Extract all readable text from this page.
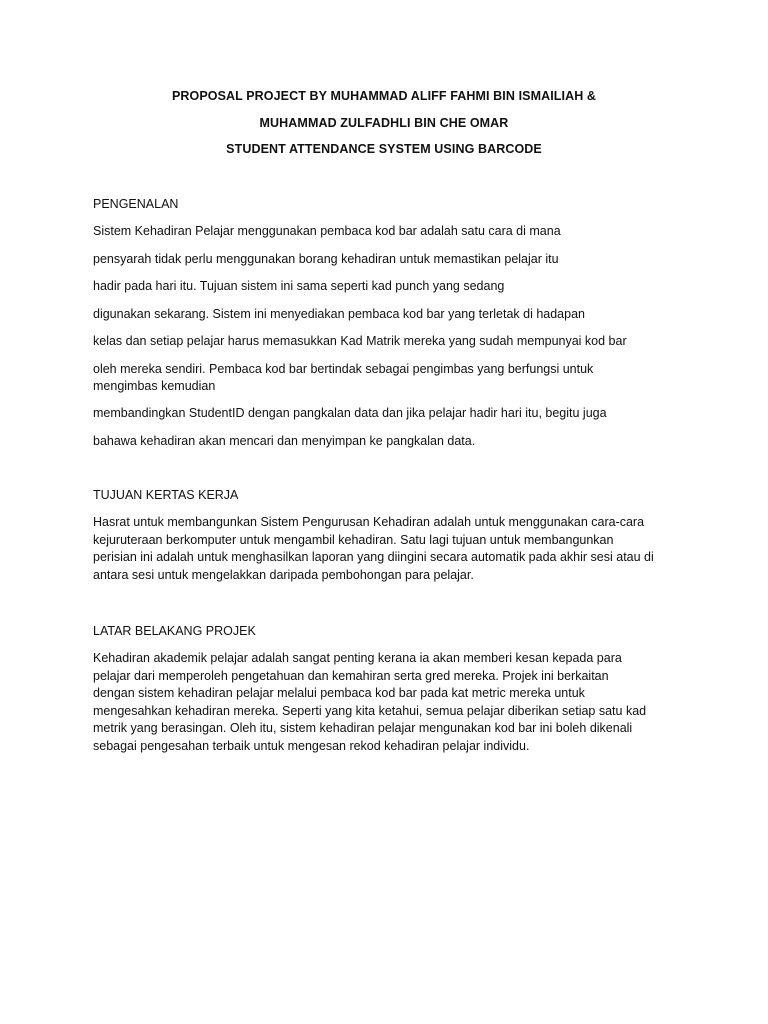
PROPOSAL PROJECT BY MUHAMMAD ALIFF FAHMI BIN ISMAILIAH &
MUHAMMAD ZULFADHLI BIN CHE OMAR
STUDENT ATTENDANCE SYSTEM USING BARCODE
PENGENALAN
Sistem Kehadiran Pelajar menggunakan pembaca kod bar adalah satu cara di mana
pensyarah tidak perlu menggunakan borang kehadiran untuk memastikan pelajar itu
hadir pada hari itu. Tujuan sistem ini sama seperti kad punch yang sedang
digunakan sekarang. Sistem ini menyediakan pembaca kod bar yang terletak di hadapan
kelas dan setiap pelajar harus memasukkan Kad Matrik mereka yang sudah mempunyai kod bar
oleh mereka sendiri. Pembaca kod bar bertindak sebagai pengimbas yang berfungsi untuk
mengimbas kemudian
membandingkan StudentID dengan pangkalan data dan jika pelajar hadir hari itu, begitu juga
bahawa kehadiran akan mencari dan menyimpan ke pangkalan data.
TUJUAN KERTAS KERJA
Hasrat untuk membangunkan Sistem Pengurusan Kehadiran adalah untuk menggunakan cara-cara
kejuruteraan berkomputer untuk mengambil kehadiran. Satu lagi tujuan untuk membangunkan
perisian ini adalah untuk menghasilkan laporan yang diingini secara automatik pada akhir sesi atau di
antara sesi untuk mengelakkan daripada pembohongan para pelajar.
LATAR BELAKANG PROJEK
Kehadiran akademik pelajar adalah sangat penting kerana ia akan memberi kesan kepada para
pelajar dari memperoleh pengetahuan dan kemahiran serta gred mereka. Projek ini berkaitan
dengan sistem kehadiran pelajar melalui pembaca kod bar pada kat metric mereka untuk
mengesahkan kehadiran mereka. Seperti yang kita ketahui, semua pelajar diberikan setiap satu kad
metrik yang berasingan. Oleh itu, sistem kehadiran pelajar mengunakan kod bar ini boleh dikenali
sebagai pengesahan terbaik untuk mengesan rekod kehadiran pelajar individu.
